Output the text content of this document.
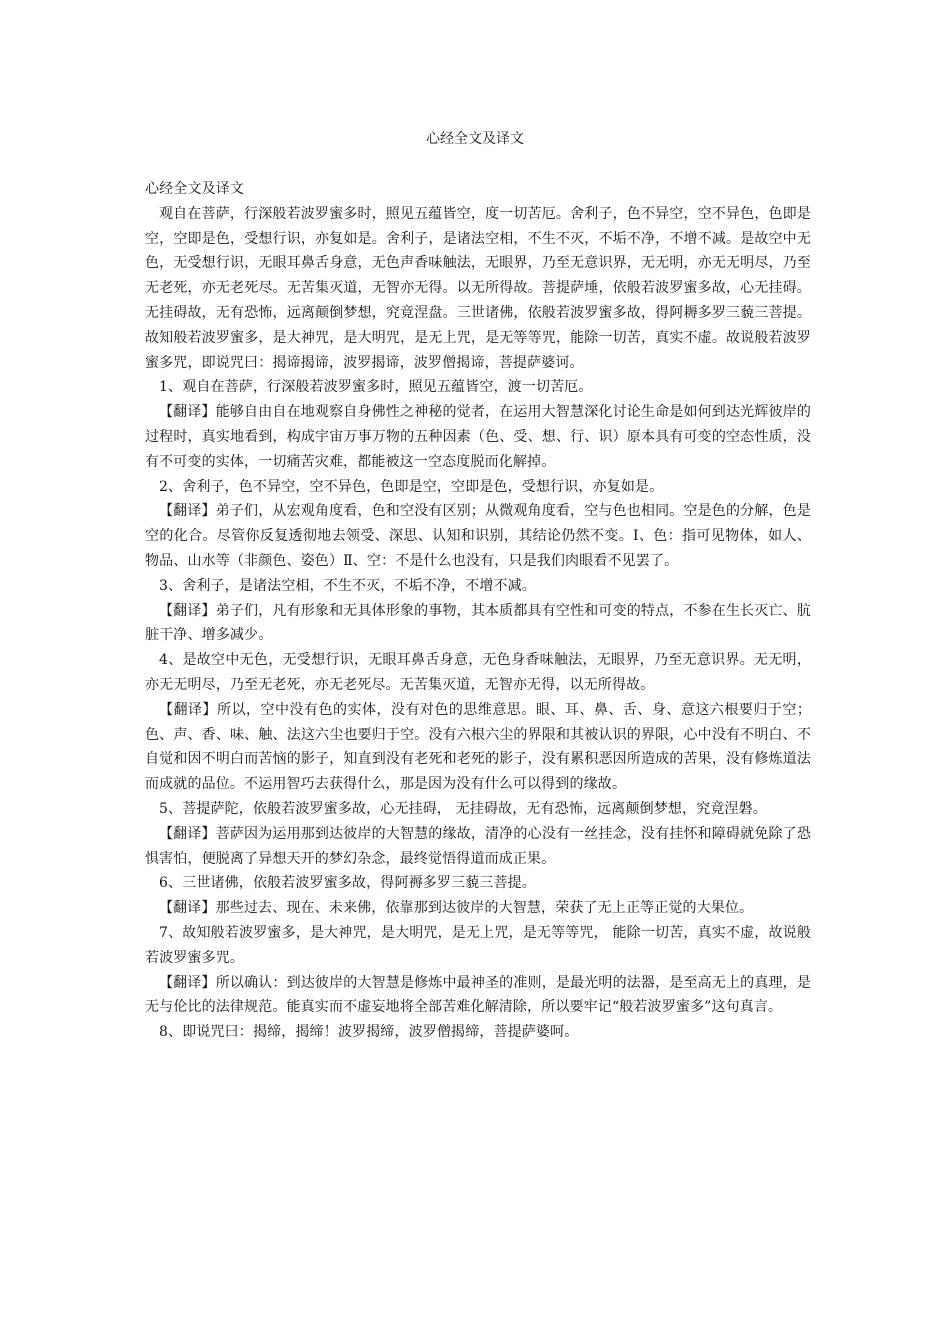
心经全文及译文

心经全文及译文

观自在菩萨，行深般若波罗蜜多时，照见五蕴皆空，度一切苦厄。舍利子，色不异空，空不异色，色即是空，空即是色，受想行识，亦复如是。舍利子，是诸法空相，不生不灭，不垢不净，不增不减。是故空中无色，无受想行识，无眼耳鼻舌身意，无色声香味触法，无眼界，乃至无意识界，无无明，亦无无明尽，乃至无老死，亦无老死尽。无苦集灭道，无智亦无得。以无所得故。菩提萨埵，依般若波罗蜜多故，心无挂碍。无挂碍故，无有恐怖，远离颠倒梦想，究竟涅盘。三世诸佛，依般若波罗蜜多故，得阿耨多罗三藐三菩提。故知般若波罗蜜多，是大神咒，是大明咒，是无上咒，是无等等咒，能除一切苦，真实不虚。故说般若波罗蜜多咒，即说咒曰：揭谛揭谛，波罗揭谛，波罗僧揭谛，菩提萨婆诃。

1、观自在菩萨，行深般若波罗蜜多时，照见五蕴皆空，渡一切苦厄。

【翻译】能够自由自在地观察自身佛性之神秘的觉者，在运用大智慧深化讨论生命是如何到达光辉彼岸的过程时，真实地看到，构成宇宙万事万物的五种因素（色、受、想、行、识）原本具有可变的空态性质，没有不可变的实体，一切痛苦灾难，都能被这一空态度脱而化解掉。

2、舍利子，色不异空，空不异色，色即是空，空即是色，受想行识，亦复如是。

【翻译】弟子们，从宏观角度看，色和空没有区别；从微观角度看，空与色也相同。空是色的分解，色是空的化合。尽管你反复透彻地去领受、深思、认知和识别，其结论仍然不变。Ⅰ、色：指可见物体，如人、物品、山水等（非颜色、姿色）Ⅱ、空：不是什么也没有，只是我们肉眼看不见罢了。

3、舍利子，是诸法空相，不生不灭，不垢不净，不增不减。

【翻译】弟子们，凡有形象和无具体形象的事物，其本质都具有空性和可变的特点，不参在生长灭亡、肮脏干净、增多减少。

4、是故空中无色，无受想行识，无眼耳鼻舌身意，无色身香味触法，无眼界，乃至无意识界。无无明，亦无无明尽，乃至无老死，亦无老死尽。无苦集灭道，无智亦无得，以无所得故。

【翻译】所以，空中没有色的实体，没有对色的思维意思。眼、耳、鼻、舌、身、意这六根要归于空；色、声、香、味、触、法这六尘也要归于空。没有六根六尘的界限和其被认识的界限，心中没有不明白、不自觉和因不明白而苦恼的影子，知直到没有老死和老死的影子，没有累积恶因所造成的苦果，没有修炼道法而成就的品位。不运用智巧去获得什么，那是因为没有什么可以得到的缘故。

5、菩提萨陀，依般若波罗蜜多故，心无挂碍， 无挂碍故，无有恐怖，远离颠倒梦想，究竟涅磐。

【翻译】菩萨因为运用那到达彼岸的大智慧的缘故，清净的心没有一丝挂念，没有挂怀和障碍就免除了恐惧害怕，便脱离了异想天开的梦幻杂念，最终觉悟得道而成正果。

6、三世诸佛，依般若波罗蜜多故，得阿褥多罗三藐三菩提。

【翻译】那些过去、现在、未来佛，依靠那到达彼岸的大智慧，荣获了无上正等正觉的大果位。

7、故知般若波罗蜜多，是大神咒，是大明咒，是无上咒，是无等等咒， 能除一切苦，真实不虚，故说般若波罗蜜多咒。

【翻译】所以确认：到达彼岸的大智慧是修炼中最神圣的准则，是最光明的法器，是至高无上的真理，是无与伦比的法律规范。能真实而不虚妄地将全部苦难化解清除，所以要牢记“般若波罗蜜多”这句真言。

8、即说咒曰：揭缔，揭缔！波罗揭缔，波罗僧揭缔，菩提萨婆呵。
